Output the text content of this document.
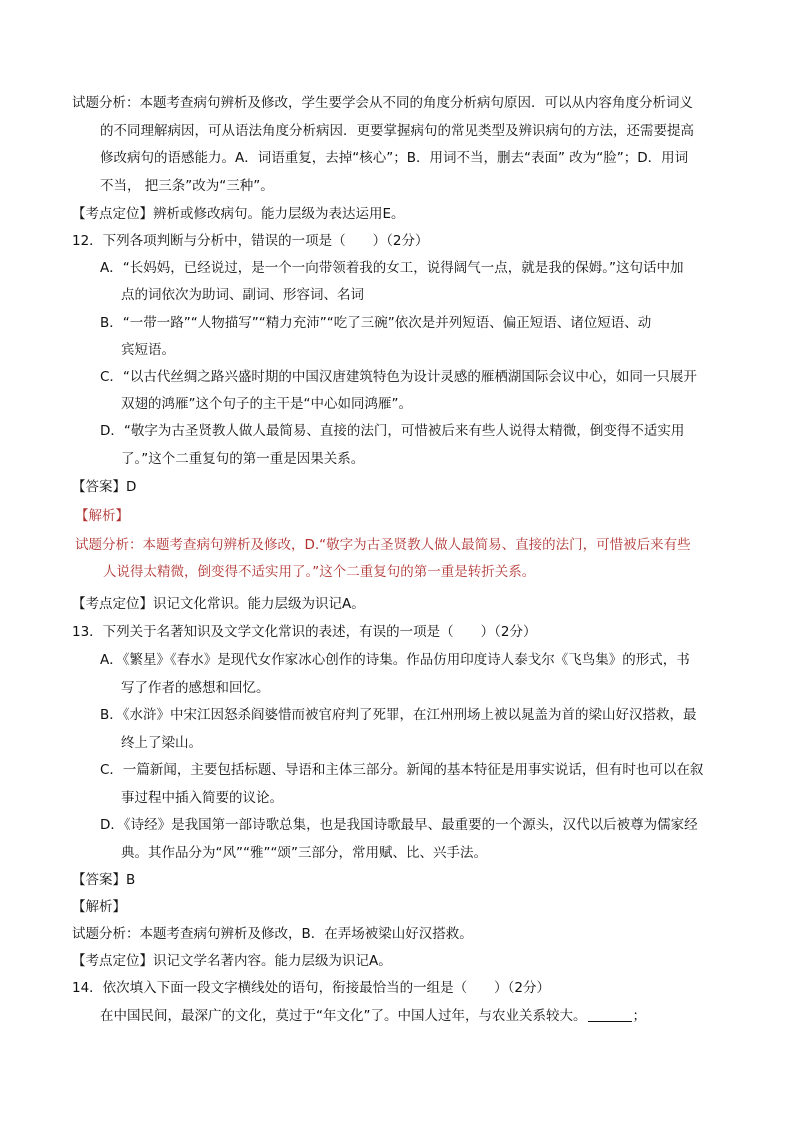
试题分析：本题考查病句辨析及修改，学生要学会从不同的角度分析病句原因．可以从内容角度分析词义
的不同理解病因，可从语法角度分析病因．更要掌握病句的常见类型及辨识病句的方法，还需要提高
修改病句的语感能力。A．词语重复，去掉“核心”；B．用词不当，删去“表面” 改为“脸”；D．用词
不当， 把三条”改为“三种”。
【考点定位】辨析或修改病句。能力层级为表达运用E。
12．下列各项判断与分析中，错误的一项是（　　）（2分）
A．“长妈妈，已经说过，是一个一向带领着我的女工，说得阔气一点，就是我的保姆。”这句话中加
点的词依次为助词、副词、形容词、名词
B．“一带一路”“人物描写”“精力充沛”“吃了三碗”依次是并列短语、偏正短语、诸位短语、动
宾短语。
C．“以古代丝绸之路兴盛时期的中国汉唐建筑特色为设计灵感的雁栖湖国际会议中心，如同一只展开
双翅的鸿雁”这个句子的主干是“中心如同鸿雁”。
D．“敬字为古圣贤教人做人最简易、直接的法门，可惜被后来有些人说得太精微，倒变得不适实用
了。”这个二重复句的第一重是因果关系。
【答案】D
【解析】
试题分析：本题考查病句辨析及修改，D.“敬字为古圣贤教人做人最简易、直接的法门，可惜被后来有些
人说得太精微，倒变得不适实用了。”这个二重复句的第一重是转折关系。
【考点定位】识记文化常识。能力层级为识记A。
13．下列关于名著知识及文学文化常识的表述，有误的一项是（　　）（2分）
A．《繁星》《春水》是现代女作家冰心创作的诗集。作品仿用印度诗人泰戈尔《飞鸟集》的形式，书
写了作者的感想和回忆。
B．《水浒》中宋江因怒杀阎婆惜而被官府判了死罪，在江州刑场上被以晁盖为首的梁山好汉搭救，最
终上了梁山。
C．一篇新闻，主要包括标题、导语和主体三部分。新闻的基本特征是用事实说话，但有时也可以在叙
事过程中插入简要的议论。
D．《诗经》是我国第一部诗歌总集，也是我国诗歌最早、最重要的一个源头，汉代以后被尊为儒家经
典。其作品分为“风”“雅”“颂”三部分，常用赋、比、兴手法。
【答案】B
【解析】
试题分析：本题考查病句辨析及修改，B．在弄场被梁山好汉搭救。
【考点定位】识记文学名著内容。能力层级为识记A。
14．依次填入下面一段文字横线处的语句，衔接最恰当的一组是（　　）（2分）
在中国民间，最深广的文化，莫过于“年文化”了。中国人过年，与农业关系较大。	；
